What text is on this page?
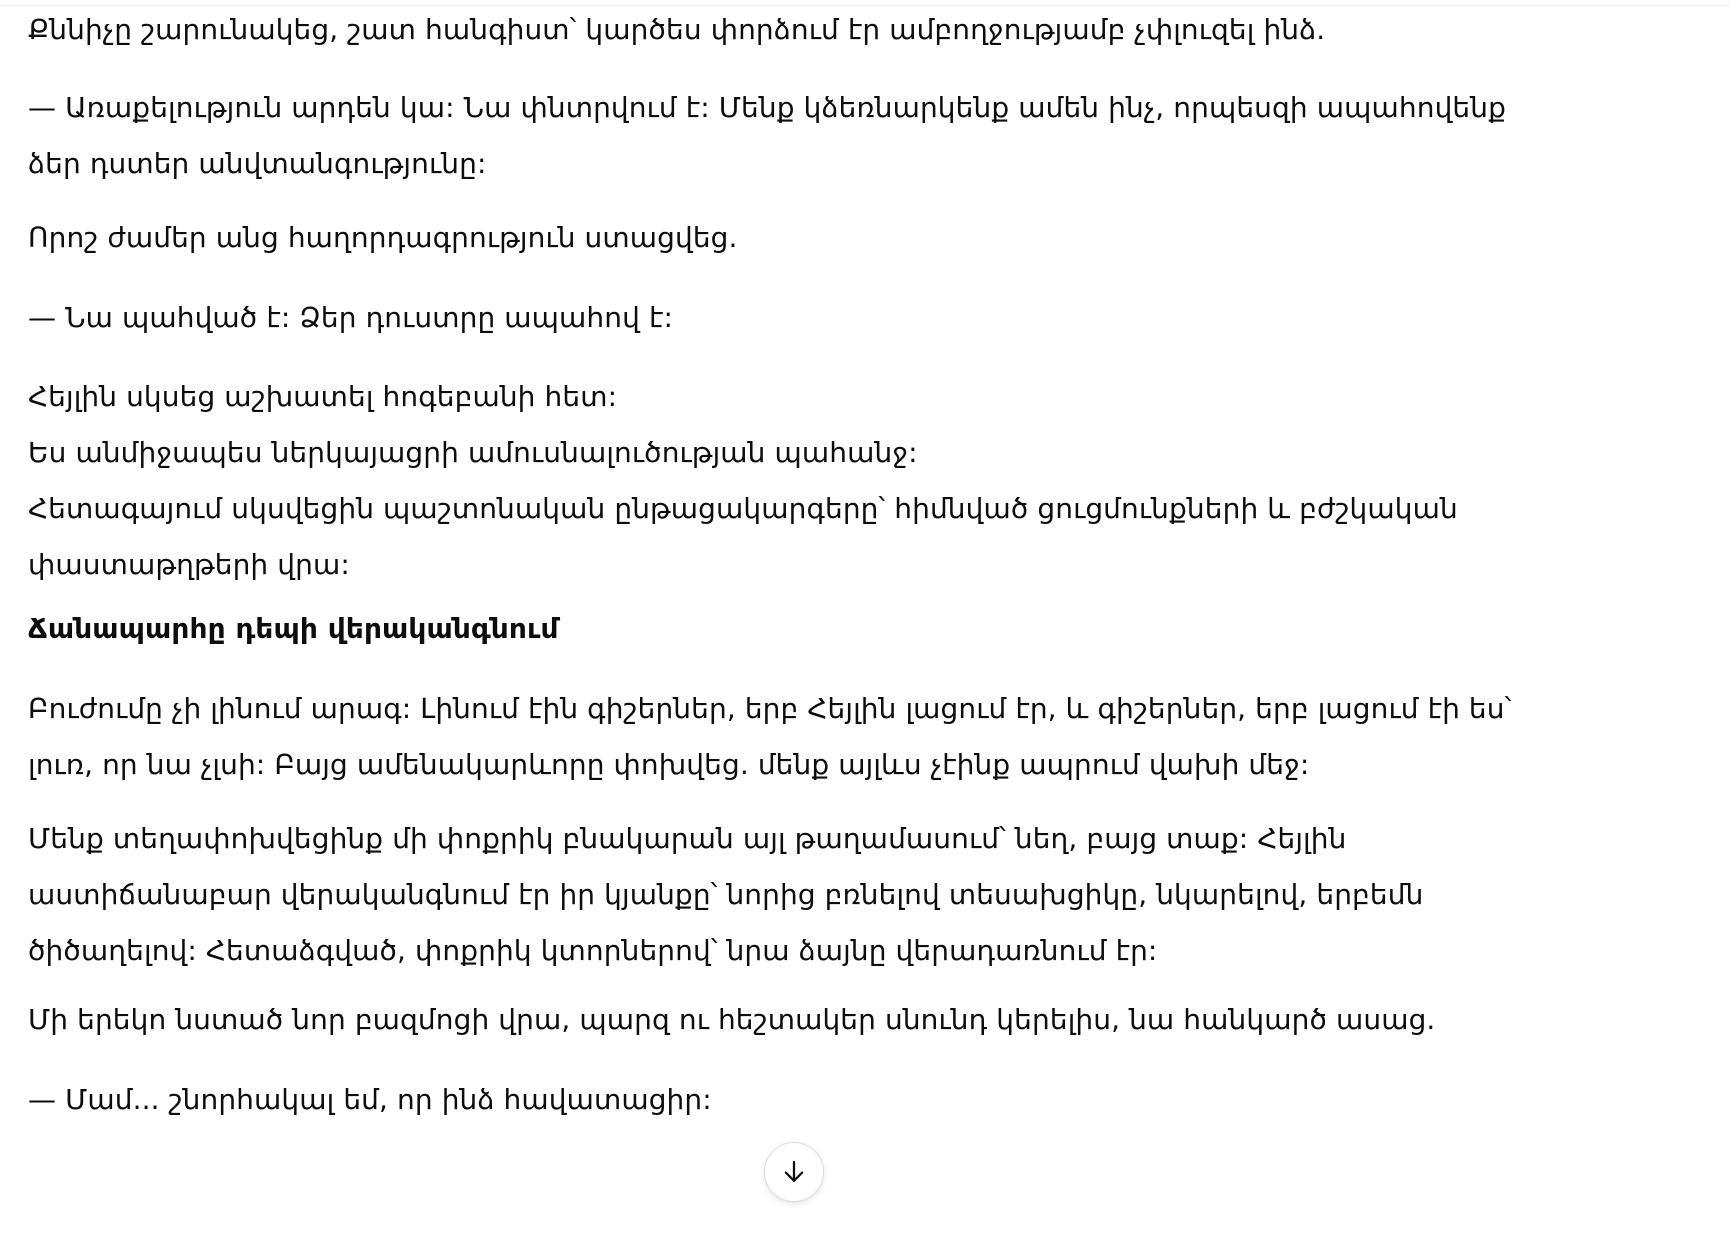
Քննիչը շարունակեց, շատ հանգիստ՝ կարծես փորձում էր ամբողջությամբ չփլուզել ինձ.

— Առաքելություն արդեն կա: Նա փնտրվում է: Մենք կձեռնարկենք ամեն ինչ, որպեսզի ապահովենք

ձեր դստեր անվտանգությունը:

Որոշ ժամեր անց հաղորդագրություն ստացվեց.

— Նա պահված է: Ձեր դուստրը ապահով է:

Հեյլին սկսեց աշխատել հոգեբանի հետ:

Ես անմիջապես ներկայացրի ամուսնալուծության պահանջ:

Հետագայում սկսվեցին պաշտոնական ընթացակարգերը՝ հիմնված ցուցմունքների և բժշկական

փաստաթղթերի վրա:

Ճանապարհը դեպի վերականգնում

Բուժումը չի լինում արագ: Լինում էին գիշերներ, երբ Հեյլին լացում էր, և գիշերներ, երբ լացում էի ես՝

լուռ, որ նա չլսի: Բայց ամենակարևորը փոխվեց. մենք այլևս չէինք ապրում վախի մեջ:

Մենք տեղափոխվեցինք մի փոքրիկ բնակարան այլ թաղամասում՝ նեղ, բայց տաք: Հեյլին

աստիճանաբար վերականգնում էր իր կյանքը՝ նորից բռնելով տեսախցիկը, նկարելով, երբեմն

ծիծաղելով: Հետաձգված, փոքրիկ կտորներով՝ նրա ձայնը վերադառնում էր:

Մի երեկո նստած նոր բազմոցի վրա, պարզ ու հեշտակեր սնունդ կերելիս, նա հանկարծ ասաց.

— Մամ... շնորհակալ եմ, որ ինձ հավատացիր:
